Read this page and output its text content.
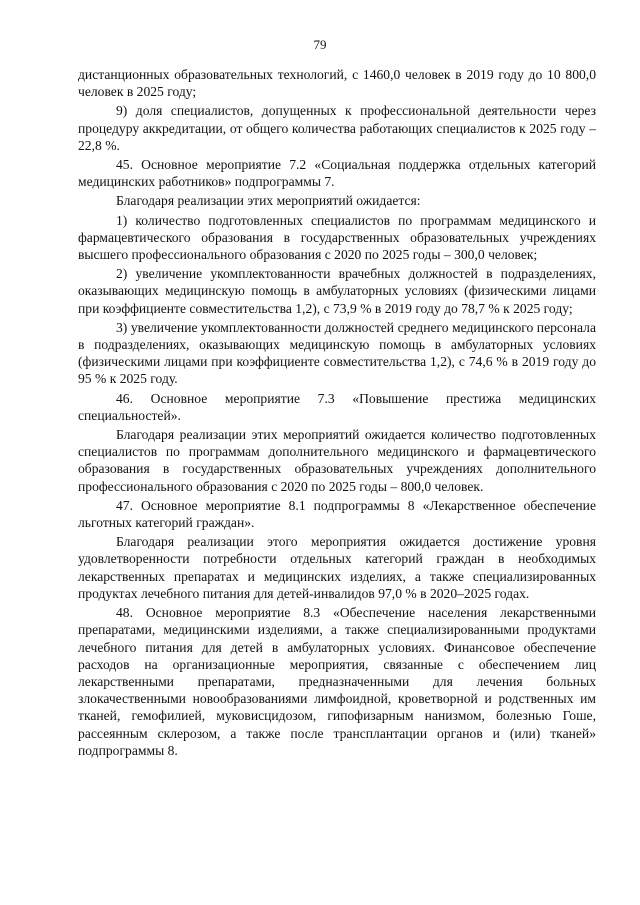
79

дистанционных образовательных технологий, с 1460,0 человек в 2019 году до 10 800,0 человек в 2025 году;

9) доля специалистов, допущенных к профессиональной деятельности через процедуру аккредитации, от общего количества работающих специалистов к 2025 году – 22,8 %.

45. Основное мероприятие 7.2 «Социальная поддержка отдельных категорий медицинских работников» подпрограммы 7.

Благодаря реализации этих мероприятий ожидается:

1) количество подготовленных специалистов по программам медицинского и фармацевтического образования в государственных образовательных учреждениях высшего профессионального образования с 2020 по 2025 годы – 300,0 человек;

2) увеличение укомплектованности врачебных должностей в подразделениях, оказывающих медицинскую помощь в амбулаторных условиях (физическими лицами при коэффициенте совместительства 1,2), с 73,9 % в 2019 году до 78,7 % к 2025 году;

3) увеличение укомплектованности должностей среднего медицинского персонала в подразделениях, оказывающих медицинскую помощь в амбулаторных условиях (физическими лицами при коэффициенте совместительства 1,2), с 74,6 % в 2019 году до 95 % к 2025 году.

46. Основное мероприятие 7.3 «Повышение престижа медицинских специальностей».

Благодаря реализации этих мероприятий ожидается количество подготовленных специалистов по программам дополнительного медицинского и фармацевтического образования в государственных образовательных учреждениях дополнительного профессионального образования с 2020 по 2025 годы – 800,0 человек.

47. Основное мероприятие 8.1 подпрограммы 8 «Лекарственное обеспечение льготных категорий граждан».

Благодаря реализации этого мероприятия ожидается достижение уровня удовлетворенности потребности отдельных категорий граждан в необходимых лекарственных препаратах и медицинских изделиях, а также специализированных продуктах лечебного питания для детей-инвалидов 97,0 % в 2020–2025 годах.

48. Основное мероприятие 8.3 «Обеспечение населения лекарственными препаратами, медицинскими изделиями, а также специализированными продуктами лечебного питания для детей в амбулаторных условиях. Финансовое обеспечение расходов на организационные мероприятия, связанные с обеспечением лиц лекарственными препаратами, предназначенными для лечения больных злокачественными новообразованиями лимфоидной, кроветворной и родственных им тканей, гемофилией, муковисцидозом, гипофизарным нанизмом, болезнью Гоше, рассеянным склерозом, а также после трансплантации органов и (или) тканей» подпрограммы 8.
